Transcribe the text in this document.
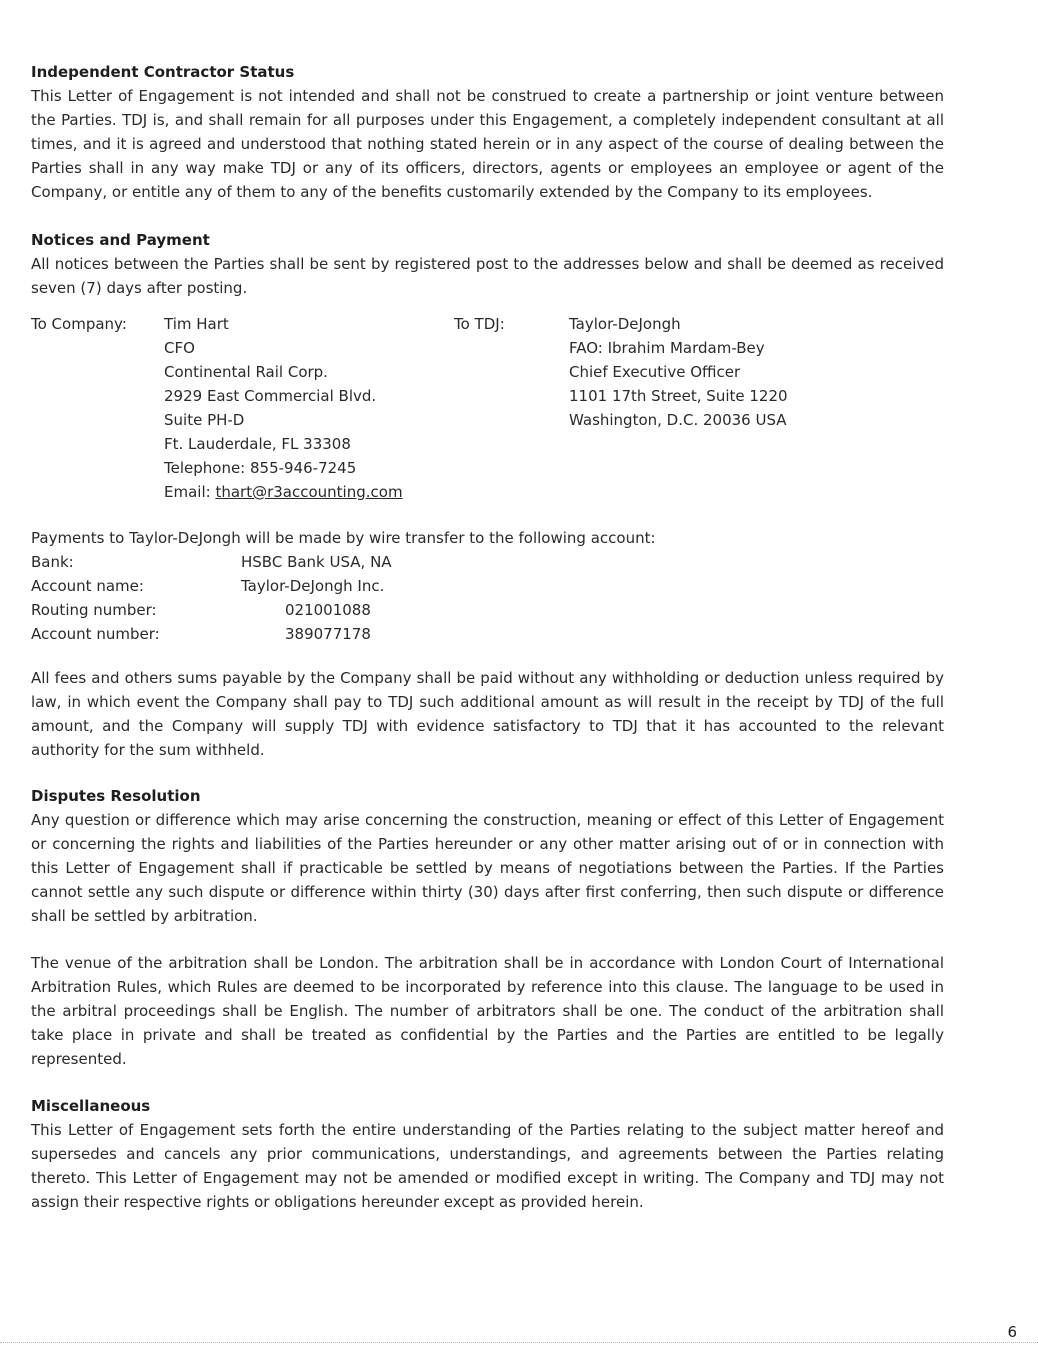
Independent Contractor Status

This Letter of Engagement is not intended and shall not be construed to create a partnership or joint venture between the Parties. TDJ is, and shall remain for all purposes under this Engagement, a completely independent consultant at all times, and it is agreed and understood that nothing stated herein or in any aspect of the course of dealing between the Parties shall in any way make TDJ or any of its officers, directors, agents or employees an employee or agent of the Company, or entitle any of them to any of the benefits customarily extended by the Company to its employees.

Notices and Payment

All notices between the Parties shall be sent by registered post to the addresses below and shall be deemed as received seven (7) days after posting.

To Company: Tim Hart
CFO
Continental Rail Corp.
2929 East Commercial Blvd.
Suite PH-D
Ft. Lauderdale, FL 33308
Telephone: 855-946-7245
Email: thart@r3accounting.com
To TDJ:	Taylor-DeJongh
FAO: Ibrahim Mardam-Bey
Chief Executive Officer
1101 17th Street, Suite 1220
Washington, D.C. 20036 USA

Payments to Taylor-DeJongh will be made by wire transfer to the following account:

Bank:	HSBC Bank USA, NA
Account name:	Taylor-DeJongh Inc.
Routing number:	021001088
Account number:	389077178

All fees and others sums payable by the Company shall be paid without any withholding or deduction unless required by law, in which event the Company shall pay to TDJ such additional amount as will result in the receipt by TDJ of the full amount, and the Company will supply TDJ with evidence satisfactory to TDJ that it has accounted to the relevant authority for the sum withheld.

Disputes Resolution

Any question or difference which may arise concerning the construction, meaning or effect of this Letter of Engagement or concerning the rights and liabilities of the Parties hereunder or any other matter arising out of or in connection with this Letter of Engagement shall if practicable be settled by means of negotiations between the Parties. If the Parties cannot settle any such dispute or difference within thirty (30) days after first conferring, then such dispute or difference shall be settled by arbitration.

The venue of the arbitration shall be London. The arbitration shall be in accordance with London Court of International Arbitration Rules, which Rules are deemed to be incorporated by reference into this clause. The language to be used in the arbitral proceedings shall be English. The number of arbitrators shall be one. The conduct of the arbitration shall take place in private and shall be treated as confidential by the Parties and the Parties are entitled to be legally represented.

Miscellaneous

This Letter of Engagement sets forth the entire understanding of the Parties relating to the subject matter hereof and supersedes and cancels any prior communications, understandings, and agreements between the Parties relating thereto. This Letter of Engagement may not be amended or modified except in writing. The Company and TDJ may not assign their respective rights or obligations hereunder except as provided herein.

6
